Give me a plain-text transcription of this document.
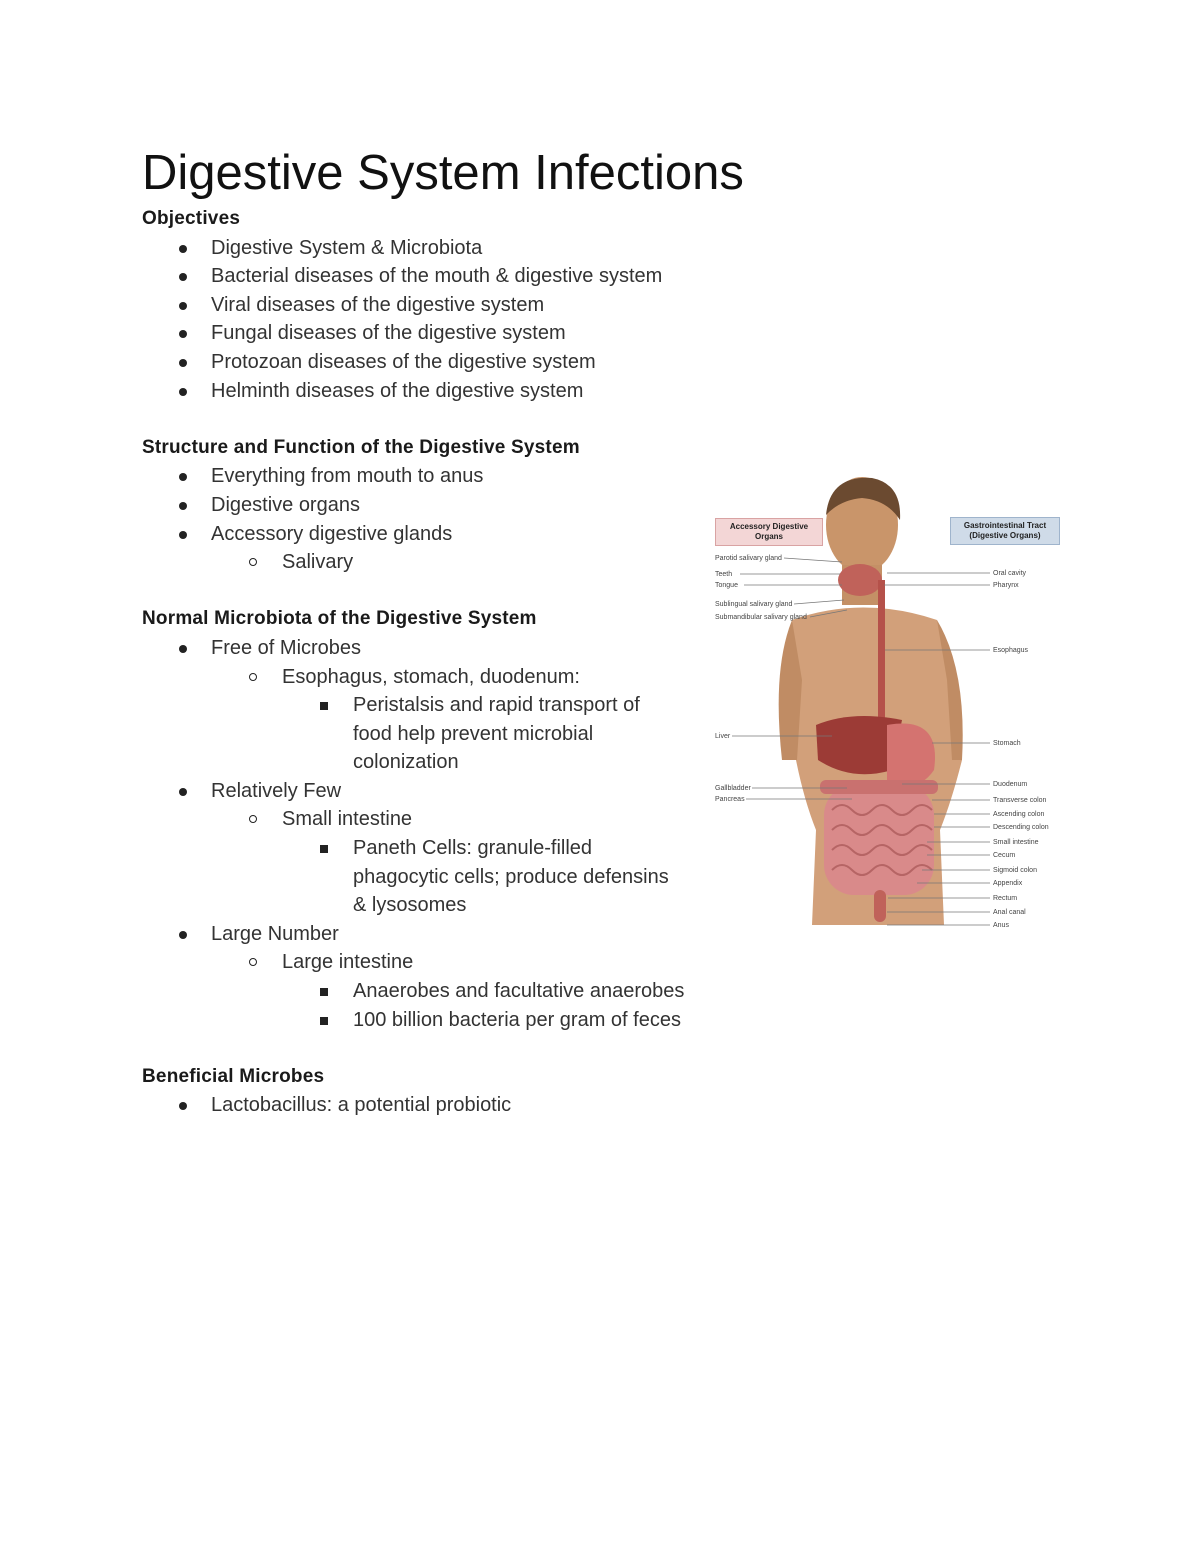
Digestive System Infections

Objectives

Digestive System & Microbiota
Bacterial diseases of the mouth & digestive system
Viral diseases of the digestive system
Fungal diseases of the digestive system
Protozoan diseases of the digestive system
Helminth diseases of the digestive system

Structure and Function of the Digestive System

Everything from mouth to anus
Digestive organs
Accessory digestive glands
Salivary

Normal Microbiota of the Digestive System

Free of Microbes
Esophagus, stomach, duodenum:
Peristalsis and rapid transport of food help prevent microbial colonization
Relatively Few
Small intestine
Paneth Cells: granule-filled phagocytic cells; produce defensins & lysosomes
Large Number
Large intestine
Anaerobes and facultative anaerobes
100 billion bacteria per gram of feces

Beneficial Microbes

Lactobacillus: a potential probiotic
Parotid salivary gland
Teeth
Tongue
Sublingual salivary gland
Submandibular salivary gland
Liver
Gallbladder
Pancreas
Oral cavity
Pharynx
Esophagus
Stomach
Duodenum
Transverse colon
Ascending colon
Descending colon
Small intestine
Cecum
Sigmoid colon
Appendix
Rectum
Anal canal
Anus
Accessory Digestive Organs
Gastrointestinal Tract (Digestive Organs)
